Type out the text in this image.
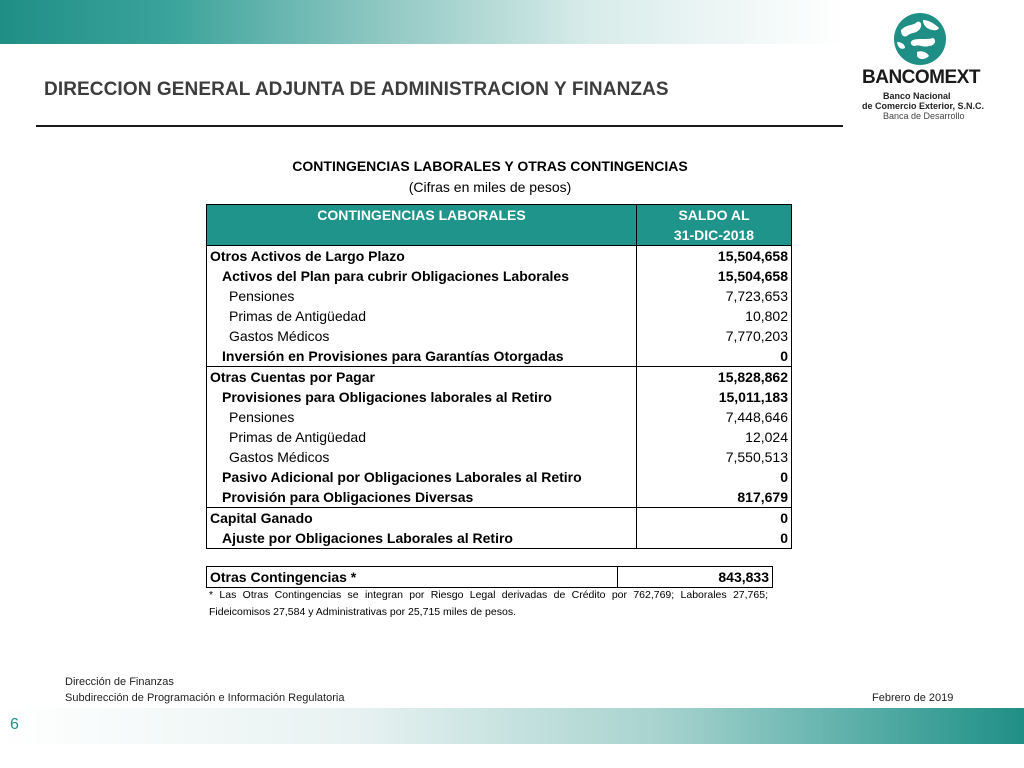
DIRECCION GENERAL ADJUNTA DE ADMINISTRACION Y FINANZAS
BANCOMEXT
Banco Nacional
de Comercio Exterior, S.N.C.
Banca de Desarrollo
CONTINGENCIAS LABORALES Y OTRAS CONTINGENCIAS
(Cifras en miles de pesos)
CONTINGENCIAS LABORALES	SALDO AL
	31-DIC-2018
Otros Activos de Largo Plazo	15,504,658
Activos del Plan para cubrir Obligaciones Laborales	15,504,658
Pensiones	7,723,653
Primas de Antigüedad	10,802
Gastos Médicos	7,770,203
Inversión en Provisiones para Garantías Otorgadas	0
Otras Cuentas por Pagar	15,828,862
Provisiones para Obligaciones laborales al Retiro	15,011,183
Pensiones	7,448,646
Primas de Antigüedad	12,024
Gastos Médicos	7,550,513
Pasivo Adicional por Obligaciones Laborales al Retiro	0
Provisión para Obligaciones Diversas	817,679
Capital Ganado	0
Ajuste por Obligaciones Laborales al Retiro	0
Otras Contingencias *	843,833
* Las Otras Contingencias se integran por Riesgo Legal derivadas de Crédito por 762,769; Laborales 27,765; Fideicomisos 27,584 y Administrativas por 25,715 miles de pesos.
Dirección de Finanzas
Subdirección de Programación e Información Regulatoria	Febrero de 2019
6
